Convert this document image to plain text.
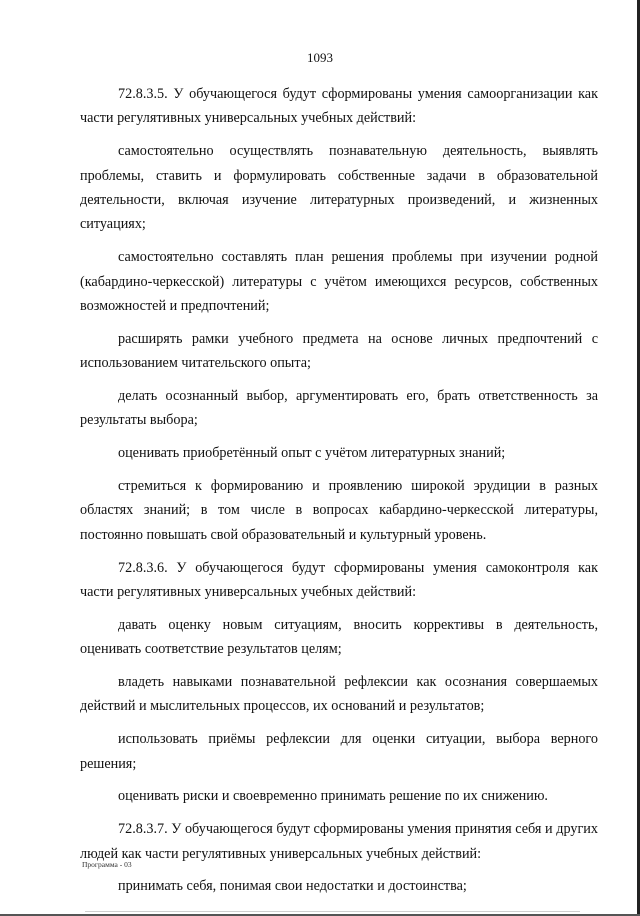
1093

72.8.3.5. У обучающегося будут сформированы умения самоорганизации как части регулятивных универсальных учебных действий:

самостоятельно осуществлять познавательную деятельность, выявлять проблемы, ставить и формулировать собственные задачи в образовательной деятельности, включая изучение литературных произведений, и жизненных ситуациях;

самостоятельно составлять план решения проблемы при изучении родной (кабардино-черкесской) литературы с учётом имеющихся ресурсов, собственных возможностей и предпочтений;

расширять рамки учебного предмета на основе личных предпочтений с использованием читательского опыта;

делать осознанный выбор, аргументировать его, брать ответственность за результаты выбора;

оценивать приобретённый опыт с учётом литературных знаний;

стремиться к формированию и проявлению широкой эрудиции в разных областях знаний; в том числе в вопросах кабардино-черкесской литературы, постоянно повышать свой образовательный и культурный уровень.

72.8.3.6. У обучающегося будут сформированы умения самоконтроля как части регулятивных универсальных учебных действий:

давать оценку новым ситуациям, вносить коррективы в деятельность, оценивать соответствие результатов целям;

владеть навыками познавательной рефлексии как осознания совершаемых действий и мыслительных процессов, их оснований и результатов;

использовать приёмы рефлексии для оценки ситуации, выбора верного решения;

оценивать риски и своевременно принимать решение по их снижению.

72.8.3.7. У обучающегося будут сформированы умения принятия себя и других людей как части регулятивных универсальных учебных действий:

принимать себя, понимая свои недостатки и достоинства;

Программа - 03
